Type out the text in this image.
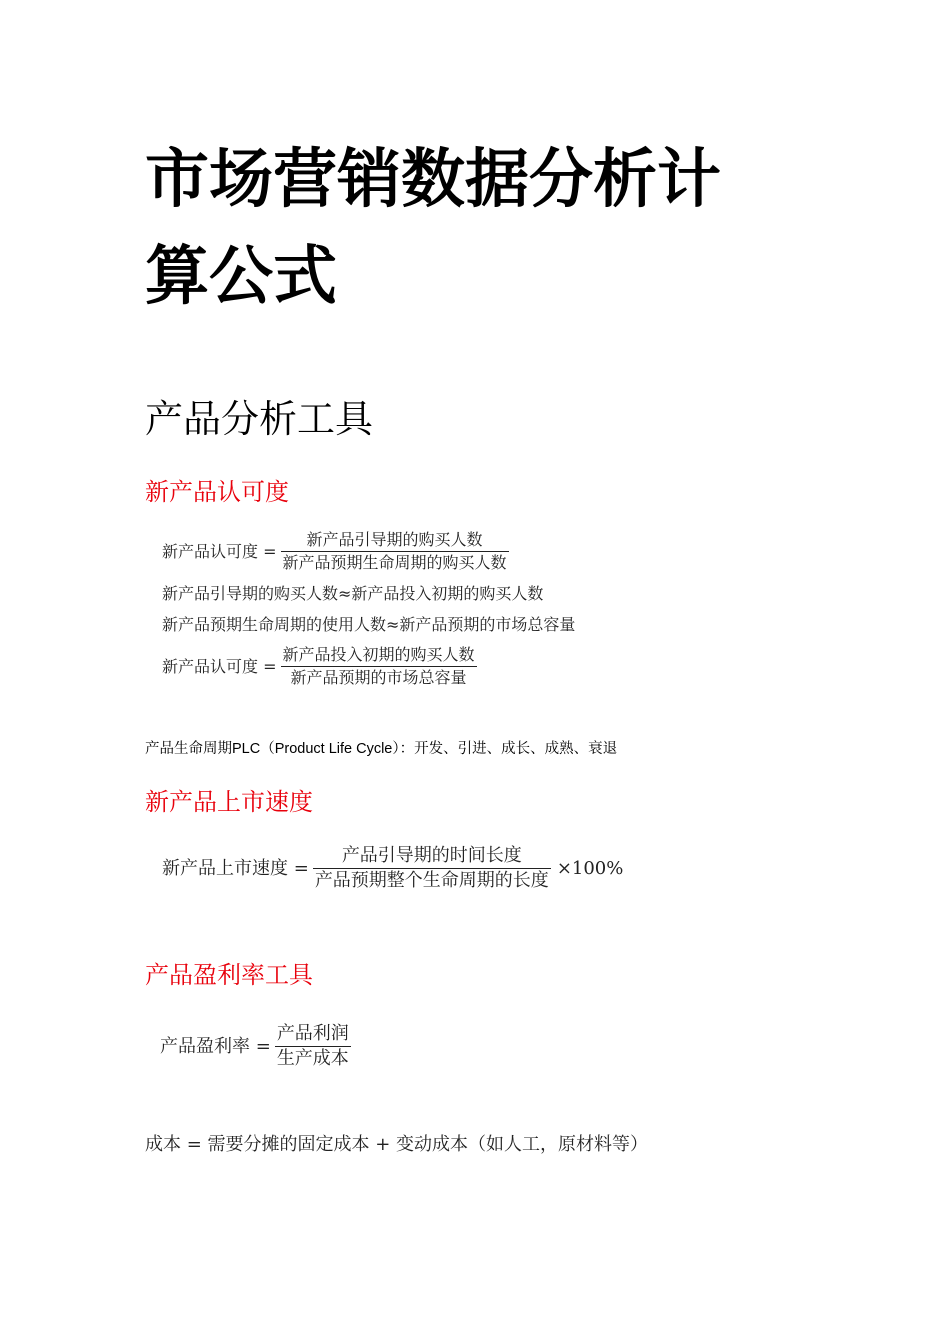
市场营销数据分析计
算公式
产品分析工具
新产品认可度
新产品认可度 = $\frac{\text{新产品引导期的购买人数}}{\text{新产品预期生命周期的购买人数}}$
新产品引导期的购买人数≈新产品投入初期的购买人数
新产品预期生命周期的使用人数≈新产品预期的市场总容量
新产品认可度 = $\frac{\text{新产品投入初期的购买人数}}{\text{新产品预期的市场总容量}}$
产品生命周期PLC（Product Life Cycle）：开发、引进、成长、成熟、衰退
新产品上市速度
新产品上市速度 = $\frac{\text{产品引导期的时间长度}}{\text{产品预期整个生命周期的长度}} \times 100\%$
产品盈利率工具
产品盈利率 = $\frac{\text{产品利润}}{\text{生产成本}}$
成本 = 需要分摊的固定成本 + 变动成本（如人工，原材料等）
